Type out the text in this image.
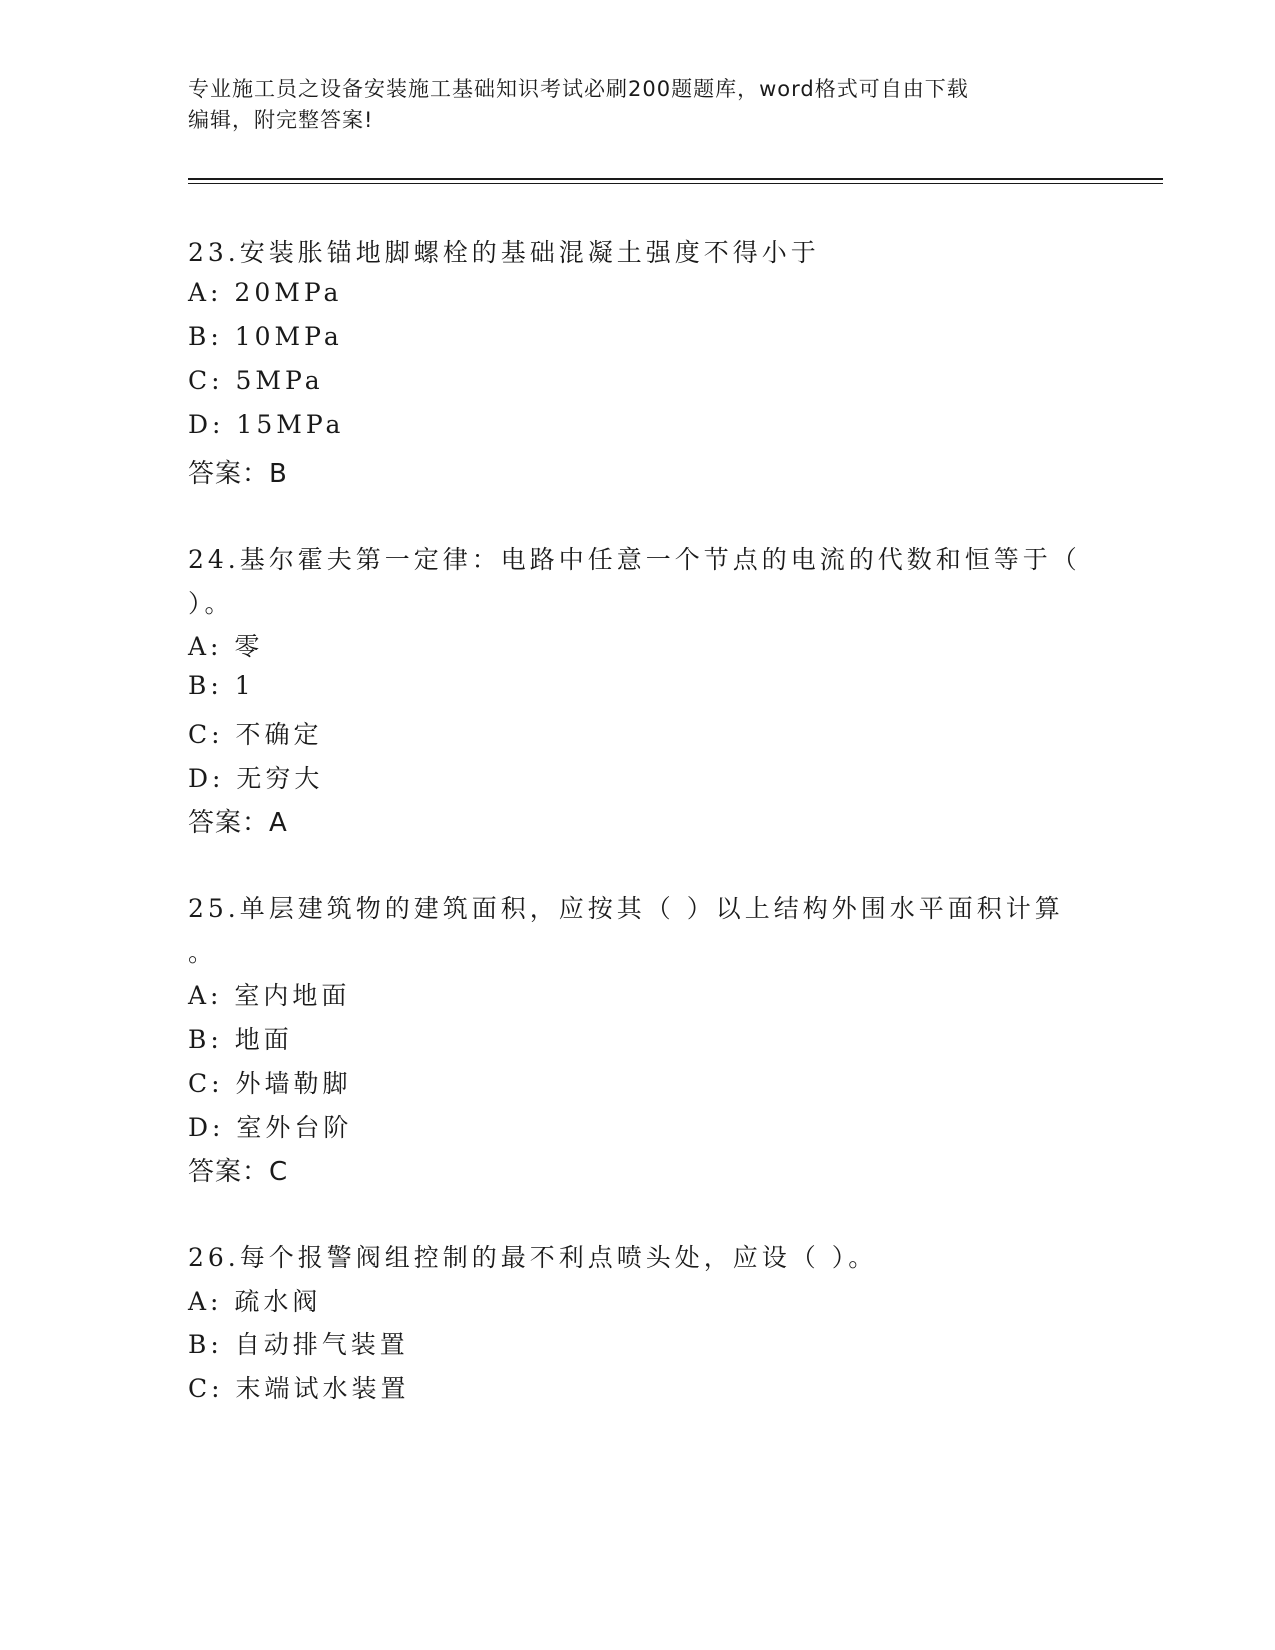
专业施工员之设备安装施工基础知识考试必刷200题题库，word格式可自由下载
编辑，附完整答案!
23.安装胀锚地脚螺栓的基础混凝土强度不得小于
A: 20MPa
B: 10MPa
C: 5MPa
D: 15MPa
答案：B
24.基尔霍夫第一定律：电路中任意一个节点的电流的代数和恒等于（
）。
A: 零
B: 1
C: 不确定
D: 无穷大
答案：A
25.单层建筑物的建筑面积，应按其（ ）以上结构外围水平面积计算
。
A: 室内地面
B: 地面
C: 外墙勒脚
D: 室外台阶
答案：C
26.每个报警阀组控制的最不利点喷头处，应设（ ）。
A: 疏水阀
B: 自动排气装置
C: 末端试水装置
